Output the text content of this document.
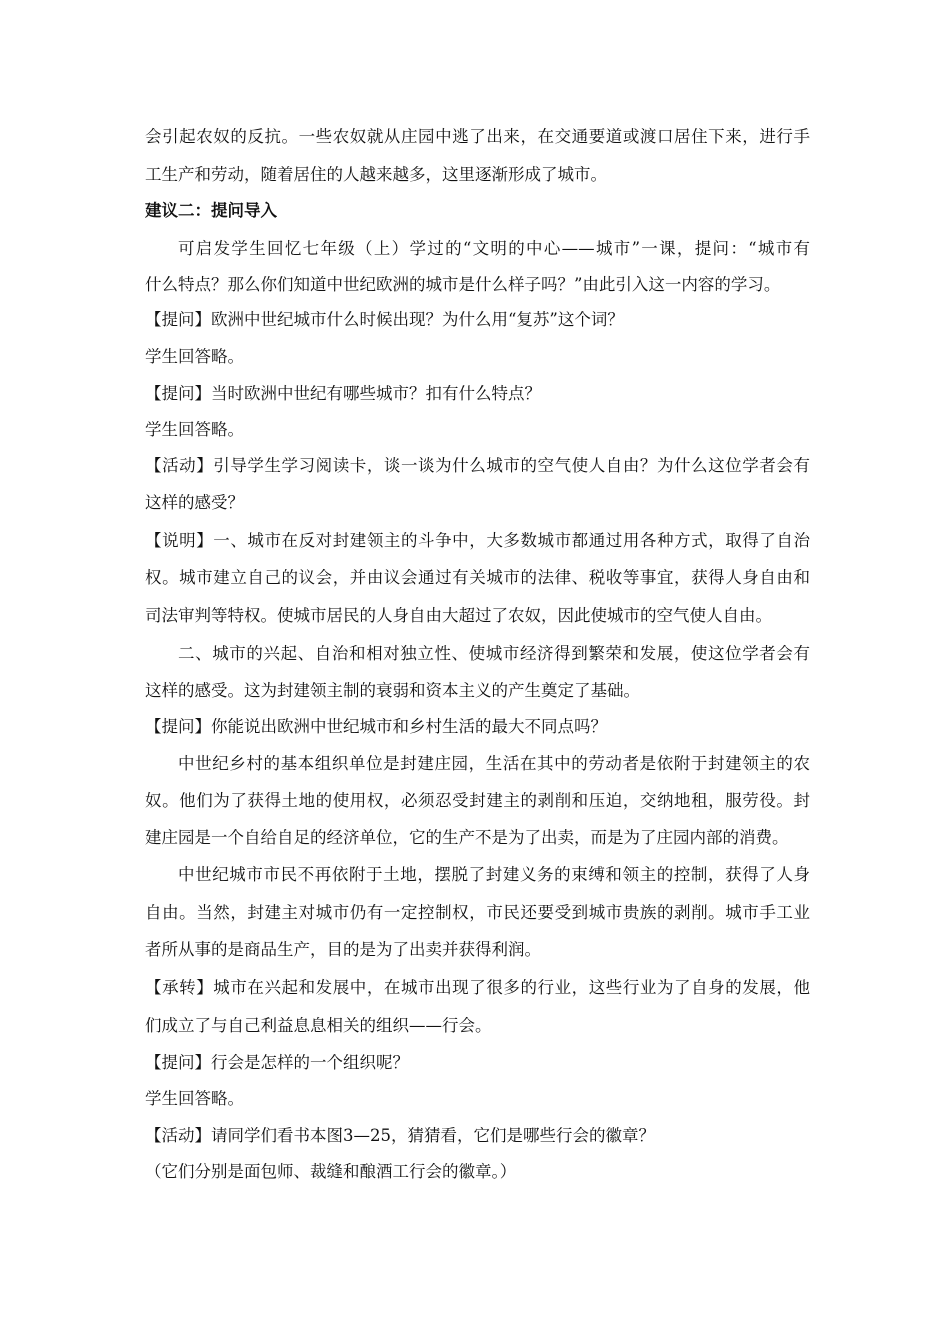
会引起农奴的反抗。一些农奴就从庄园中逃了出来，在交通要道或渡口居住下来，进行手

工生产和劳动，随着居住的人越来越多，这里逐渐形成了城市。

建议二：提问导入

可启发学生回忆七年级（上）学过的“文明的中心——城市”一课，提问：“城市有

什么特点？那么你们知道中世纪欧洲的城市是什么样子吗？”由此引入这一内容的学习。

【提问】欧洲中世纪城市什么时候出现？为什么用“复苏”这个词？

学生回答略。

【提问】当时欧洲中世纪有哪些城市？扣有什么特点？

学生回答略。

【活动】引导学生学习阅读卡，谈一谈为什么城市的空气使人自由？为什么这位学者会有

这样的感受？

【说明】一、城市在反对封建领主的斗争中，大多数城市都通过用各种方式，取得了自治

权。城市建立自己的议会，并由议会通过有关城市的法律、税收等事宜，获得人身自由和

司法审判等特权。使城市居民的人身自由大超过了农奴，因此使城市的空气使人自由。

二、城市的兴起、自治和相对独立性、使城市经济得到繁荣和发展，使这位学者会有

这样的感受。这为封建领主制的衰弱和资本主义的产生奠定了基础。

【提问】你能说出欧洲中世纪城市和乡村生活的最大不同点吗？

中世纪乡村的基本组织单位是封建庄园，生活在其中的劳动者是依附于封建领主的农

奴。他们为了获得土地的使用权，必须忍受封建主的剥削和压迫，交纳地租，服劳役。封

建庄园是一个自给自足的经济单位，它的生产不是为了出卖，而是为了庄园内部的消费。

中世纪城市市民不再依附于土地，摆脱了封建义务的束缚和领主的控制，获得了人身

自由。当然，封建主对城市仍有一定控制权，市民还要受到城市贵族的剥削。城市手工业

者所从事的是商品生产，目的是为了出卖并获得利润。

【承转】城市在兴起和发展中，在城市出现了很多的行业，这些行业为了自身的发展，他

们成立了与自己利益息息相关的组织——行会。

【提问】行会是怎样的一个组织呢？

学生回答略。

【活动】请同学们看书本图3—25，猜猜看，它们是哪些行会的徽章？

（它们分别是面包师、裁缝和酿酒工行会的徽章。）
